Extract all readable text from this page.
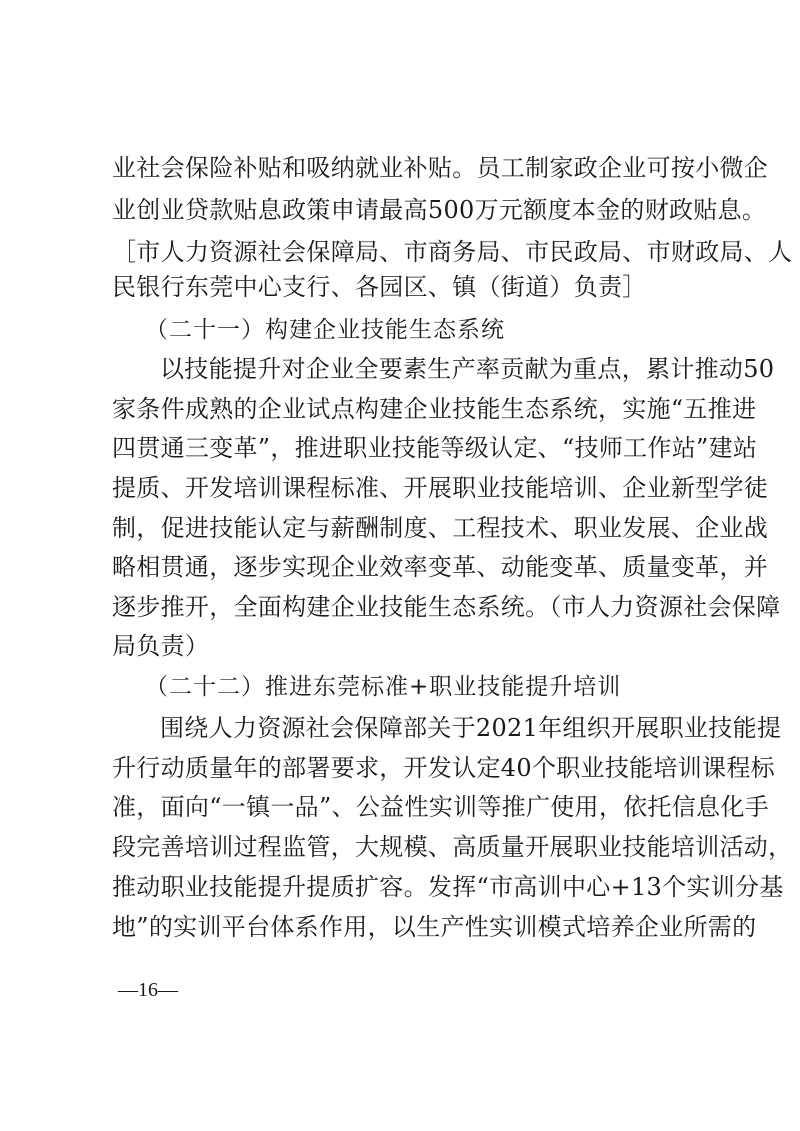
业社会保险补贴和吸纳就业补贴。员工制家政企业可按小微企
业创业贷款贴息政策申请最高500万元额度本金的财政贴息。
［市人力资源社会保障局、市商务局、市民政局、市财政局、人
民银行东莞中心支行、各园区、镇（街道）负责］
（二十一）构建企业技能生态系统
以技能提升对企业全要素生产率贡献为重点，累计推动50
家条件成熟的企业试点构建企业技能生态系统，实施“五推进
四贯通三变革”，推进职业技能等级认定、“技师工作站”建站
提质、开发培训课程标准、开展职业技能培训、企业新型学徒
制，促进技能认定与薪酬制度、工程技术、职业发展、企业战
略相贯通，逐步实现企业效率变革、动能变革、质量变革，并
逐步推开，全面构建企业技能生态系统。（市人力资源社会保障
局负责）
（二十二）推进东莞标准+职业技能提升培训
围绕人力资源社会保障部关于2021年组织开展职业技能提
升行动质量年的部署要求，开发认定40个职业技能培训课程标
准，面向“一镇一品”、公益性实训等推广使用，依托信息化手
段完善培训过程监管，大规模、高质量开展职业技能培训活动，
推动职业技能提升提质扩容。发挥“市高训中心+13个实训分基
地”的实训平台体系作用，以生产性实训模式培养企业所需的
—16—
